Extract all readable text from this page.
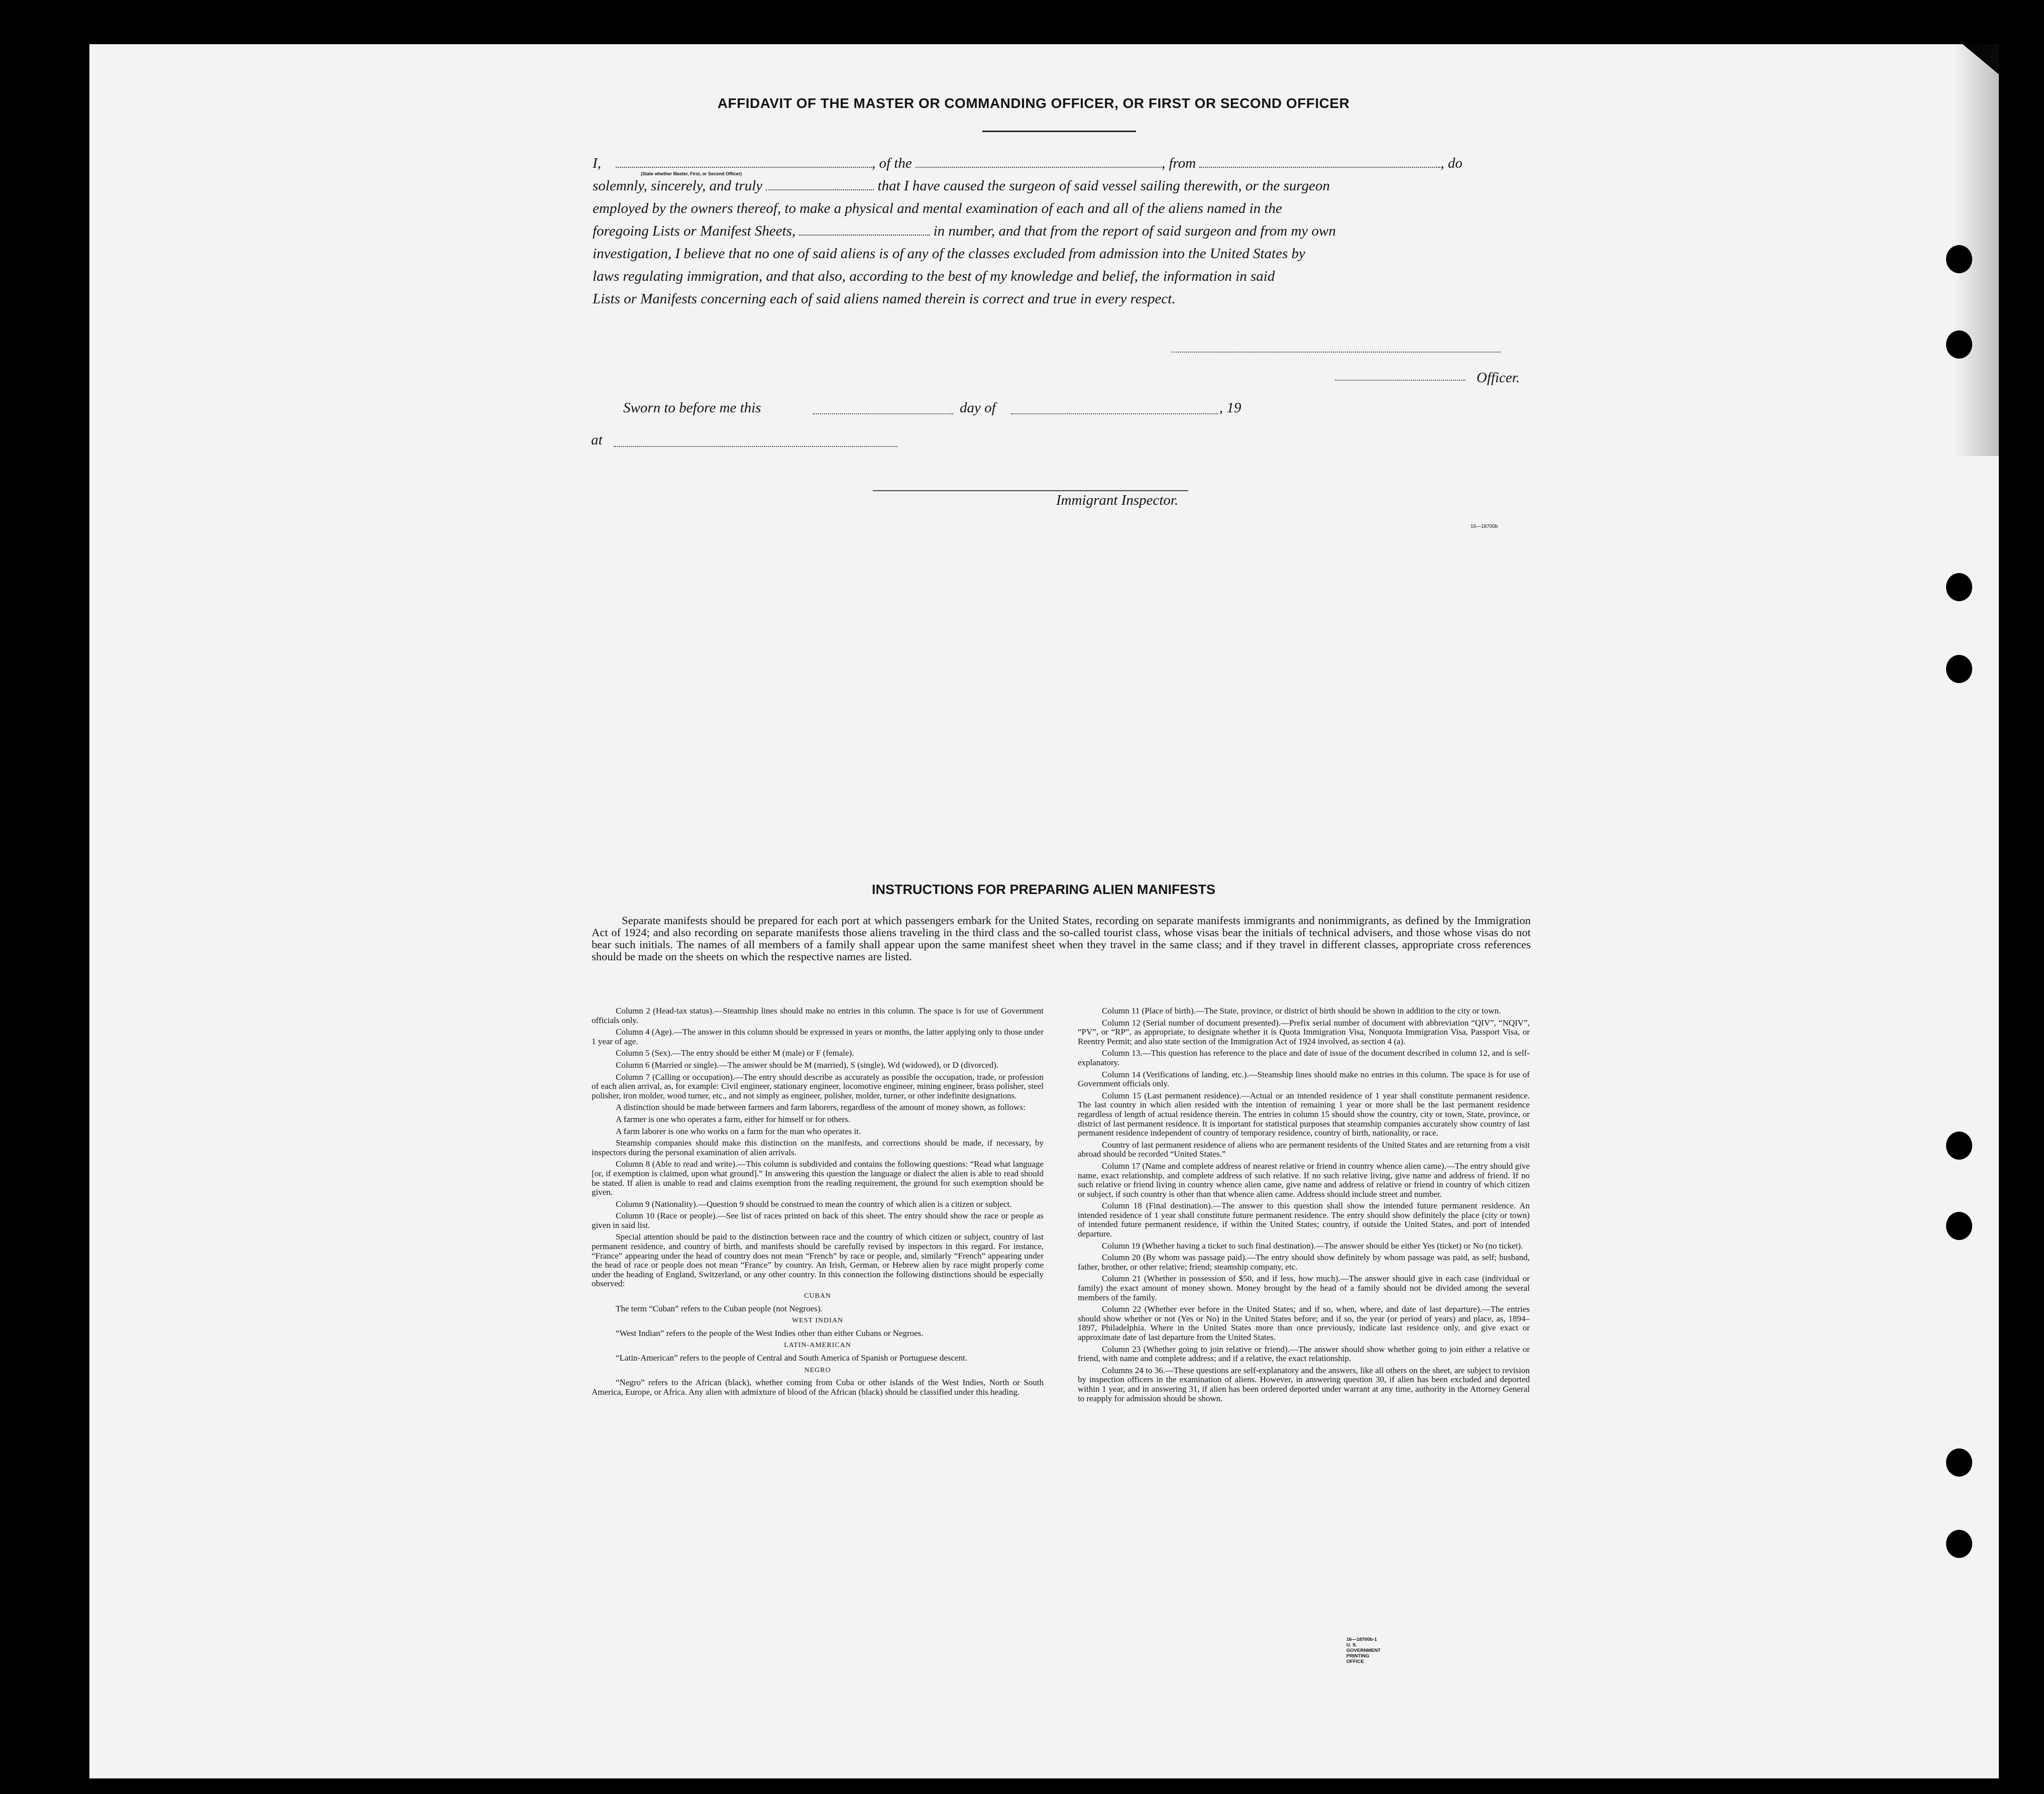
AFFIDAVIT OF THE MASTER OR COMMANDING OFFICER, OR FIRST OR SECOND OFFICER
I,	, of the	, from	, do
solemnly, sincerely, and truly	that I have caused the surgeon of said vessel sailing therewith, or the surgeon
employed by the owners thereof, to make a physical and mental examination of each and all of the aliens named in the
foregoing Lists or Manifest Sheets,	in number, and that from the report of said surgeon and from my own
investigation, I believe that no one of said aliens is of any of the classes excluded from admission into the United States by
laws regulating immigration, and that also, according to the best of my knowledge and belief, the information in said
Lists or Manifests concerning each of said aliens named therein is correct and true in every respect.
(State whether Master, First, or Second Officer)
Officer.
Sworn to before me this	day of	, 19
at
Immigrant Inspector.
16—18700b
INSTRUCTIONS FOR PREPARING ALIEN MANIFESTS
Separate manifests should be prepared for each port at which passengers embark for the United States, recording on separate manifests immigrants and nonimmigrants, as defined by the Immigration Act of 1924; and also recording on separate manifests those aliens traveling in the third class and the so-called tourist class, whose visas bear the initials of technical advisers, and those whose visas do not bear such initials. The names of all members of a family shall appear upon the same manifest sheet when they travel in the same class; and if they travel in different classes, appropriate cross references should be made on the sheets on which the respective names are listed.

Column 2 (Head-tax status).—Steamship lines should make no entries in this column. The space is for use of Government officials only.

Column 4 (Age).—The answer in this column should be expressed in years or months, the latter applying only to those under 1 year of age.

Column 5 (Sex).—The entry should be either M (male) or F (female).

Column 6 (Married or single).—The answer should be M (married), S (single), Wd (widowed), or D (divorced).

Column 7 (Calling or occupation).—The entry should describe as accurately as possible the occupation, trade, or profession of each alien arrival, as, for example: Civil engineer, stationary engineer, locomotive engineer, mining engineer, brass polisher, steel polisher, iron molder, wood turner, etc., and not simply as engineer, polisher, molder, turner, or other indefinite designations.

A distinction should be made between farmers and farm laborers, regardless of the amount of money shown, as follows:

A farmer is one who operates a farm, either for himself or for others.

A farm laborer is one who works on a farm for the man who operates it.

Steamship companies should make this distinction on the manifests, and corrections should be made, if necessary, by inspectors during the personal examination of alien arrivals.

Column 8 (Able to read and write).—This column is subdivided and contains the following questions: “Read what language [or, if exemption is claimed, upon what ground].” In answering this question the language or dialect the alien is able to read should be stated. If alien is unable to read and claims exemption from the reading requirement, the ground for such exemption should be given.

Column 9 (Nationality).—Question 9 should be construed to mean the country of which alien is a citizen or subject.

Column 10 (Race or people).—See list of races printed on back of this sheet. The entry should show the race or people as given in said list.

Special attention should be paid to the distinction between race and the country of which citizen or subject, country of last permanent residence, and country of birth, and manifests should be carefully revised by inspectors in this regard. For instance, “France” appearing under the head of country does not mean “French” by race or people, and, similarly “French” appearing under the head of race or people does not mean “France” by country. An Irish, German, or Hebrew alien by race might properly come under the heading of England, Switzerland, or any other country. In this connection the following distinctions should be especially observed:

CUBAN

The term “Cuban” refers to the Cuban people (not Negroes).

WEST INDIAN

“West Indian” refers to the people of the West Indies other than either Cubans or Negroes.

LATIN-AMERICAN

“Latin-American” refers to the people of Central and South America of Spanish or Portuguese descent.

NEGRO

“Negro” refers to the African (black), whether coming from Cuba or other islands of the West Indies, North or South America, Europe, or Africa. Any alien with admixture of blood of the African (black) should be classified under this heading.

Column 11 (Place of birth).—The State, province, or district of birth should be shown in addition to the city or town.

Column 12 (Serial number of document presented).—Prefix serial number of document with abbreviation “QIV”, “NQIV”, “PV”, or “RP”, as appropriate, to designate whether it is Quota Immigration Visa, Nonquota Immigration Visa, Passport Visa, or Reentry Permit; and also state section of the Immigration Act of 1924 involved, as section 4 (a).

Column 13.—This question has reference to the place and date of issue of the document described in column 12, and is self-explanatory.

Column 14 (Verifications of landing, etc.).—Steamship lines should make no entries in this column. The space is for use of Government officials only.

Column 15 (Last permanent residence).—Actual or an intended residence of 1 year shall constitute permanent residence. The last country in which alien resided with the intention of remaining 1 year or more shall be the last permanent residence regardless of length of actual residence therein. The entries in column 15 should show the country, city or town, State, province, or district of last permanent residence. It is important for statistical purposes that steamship companies accurately show country of last permanent residence independent of country of temporary residence, country of birth, nationality, or race.

Country of last permanent residence of aliens who are permanent residents of the United States and are returning from a visit abroad should be recorded “United States.”

Column 17 (Name and complete address of nearest relative or friend in country whence alien came).—The entry should give name, exact relationship, and complete address of such relative. If no such relative living, give name and address of friend. If no such relative or friend living in country whence alien came, give name and address of relative or friend in country of which citizen or subject, if such country is other than that whence alien came. Address should include street and number.

Column 18 (Final destination).—The answer to this question shall show the intended future permanent residence. An intended residence of 1 year shall constitute future permanent residence. The entry should show definitely the place (city or town) of intended future permanent residence, if within the United States; country, if outside the United States, and port of intended departure.

Column 19 (Whether having a ticket to such final destination).—The answer should be either Yes (ticket) or No (no ticket).

Column 20 (By whom was passage paid).—The entry should show definitely by whom passage was paid, as self; husband, father, brother, or other relative; friend; steamship company, etc.

Column 21 (Whether in possession of $50, and if less, how much).—The answer should give in each case (individual or family) the exact amount of money shown. Money brought by the head of a family should not be divided among the several members of the family.

Column 22 (Whether ever before in the United States; and if so, when, where, and date of last departure).—The entries should show whether or not (Yes or No) in the United States before; and if so, the year (or period of years) and place, as, 1894–1897, Philadelphia. Where in the United States more than once previously, indicate last residence only, and give exact or approximate date of last departure from the United States.

Column 23 (Whether going to join relative or friend).—The answer should show whether going to join either a relative or friend, with name and complete address; and if a relative, the exact relationship.

Columns 24 to 36.—These questions are self-explanatory and the answers, like all others on the sheet, are subject to revision by inspection officers in the examination of aliens. However, in answering question 30, if alien has been excluded and deported within 1 year, and in answering 31, if alien has been ordered deported under warrant at any time, authority in the Attorney General to reapply for admission should be shown.

16—18700b-1 U. S. GOVERNMENT PRINTING OFFICE
